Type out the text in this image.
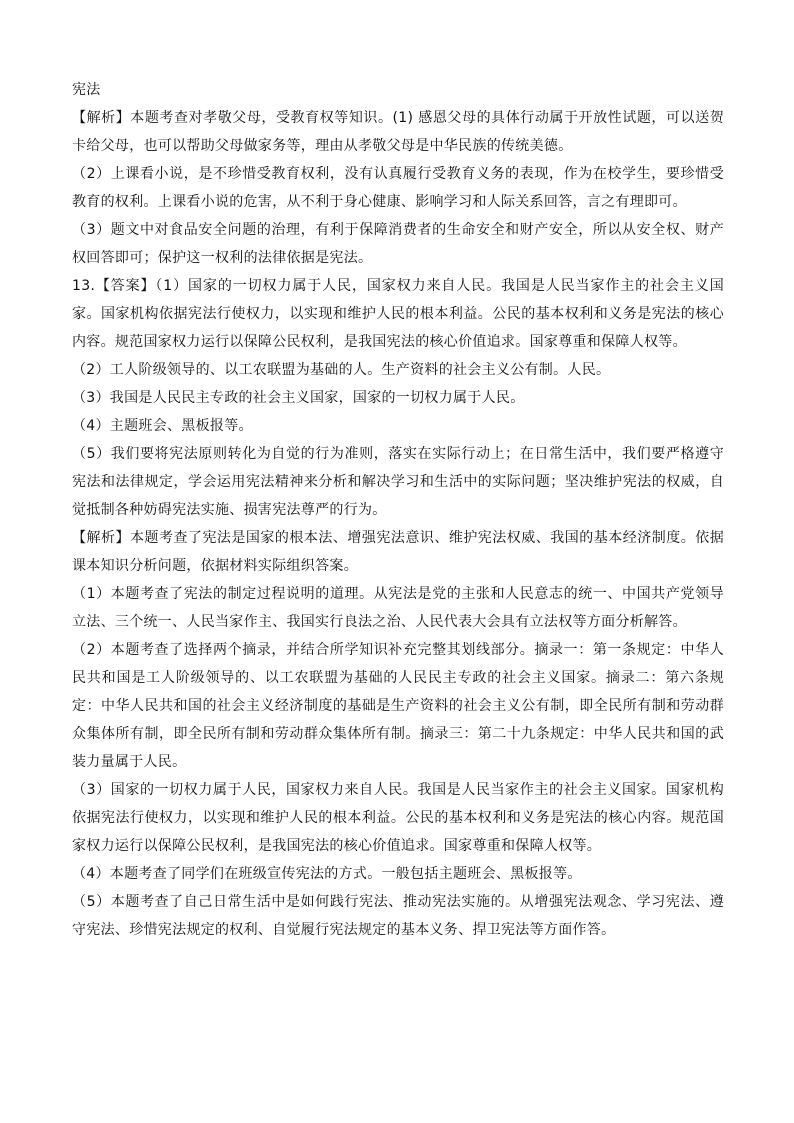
宪法

【解析】本题考查对孝敬父母，受教育权等知识。(1) 感恩父母的具体行动属于开放性试题，可以送贺卡给父母，也可以帮助父母做家务等，理由从孝敬父母是中华民族的传统美德。

（2）上课看小说，是不珍惜受教育权利，没有认真履行受教育义务的表现，作为在校学生，要珍惜受教育的权利。上课看小说的危害，从不利于身心健康、影响学习和人际关系回答，言之有理即可。

（3）题文中对食品安全问题的治理，有利于保障消费者的生命安全和财产安全，所以从安全权、财产权回答即可；保护这一权利的法律依据是宪法。

13.【答案】（1）国家的一切权力属于人民，国家权力来自人民。我国是人民当家作主的社会主义国家。国家机构依据宪法行使权力，以实现和维护人民的根本利益。公民的基本权利和义务是宪法的核心内容。规范国家权力运行以保障公民权利，是我国宪法的核心价值追求。国家尊重和保障人权等。

（2）工人阶级领导的、以工农联盟为基础的人。生产资料的社会主义公有制。人民。

（3）我国是人民民主专政的社会主义国家，国家的一切权力属于人民。

（4）主题班会、黑板报等。

（5）我们要将宪法原则转化为自觉的行为准则，落实在实际行动上；在日常生活中，我们要严格遵守宪法和法律规定，学会运用宪法精神来分析和解决学习和生活中的实际问题；坚决维护宪法的权威，自觉抵制各种妨碍宪法实施、损害宪法尊严的行为。

【解析】本题考查了宪法是国家的根本法、增强宪法意识、维护宪法权威、我国的基本经济制度。依据课本知识分析问题，依据材料实际组织答案。

（1）本题考查了宪法的制定过程说明的道理。从宪法是党的主张和人民意志的统一、中国共产党领导立法、三个统一、人民当家作主、我国实行良法之治、人民代表大会具有立法权等方面分析解答。

（2）本题考查了选择两个摘录，并结合所学知识补充完整其划线部分。摘录一：第一条规定：中华人民共和国是工人阶级领导的、以工农联盟为基础的人民民主专政的社会主义国家。摘录二：第六条规定：中华人民共和国的社会主义经济制度的基础是生产资料的社会主义公有制，即全民所有制和劳动群众集体所有制，即全民所有制和劳动群众集体所有制。摘录三：第二十九条规定：中华人民共和国的武装力量属于人民。

（3）国家的一切权力属于人民，国家权力来自人民。我国是人民当家作主的社会主义国家。国家机构依据宪法行使权力，以实现和维护人民的根本利益。公民的基本权利和义务是宪法的核心内容。规范国家权力运行以保障公民权利，是我国宪法的核心价值追求。国家尊重和保障人权等。

（4）本题考查了同学们在班级宣传宪法的方式。一般包括主题班会、黑板报等。

（5）本题考查了自己日常生活中是如何践行宪法、推动宪法实施的。从增强宪法观念、学习宪法、遵守宪法、珍惜宪法规定的权利、自觉履行宪法规定的基本义务、捍卫宪法等方面作答。
